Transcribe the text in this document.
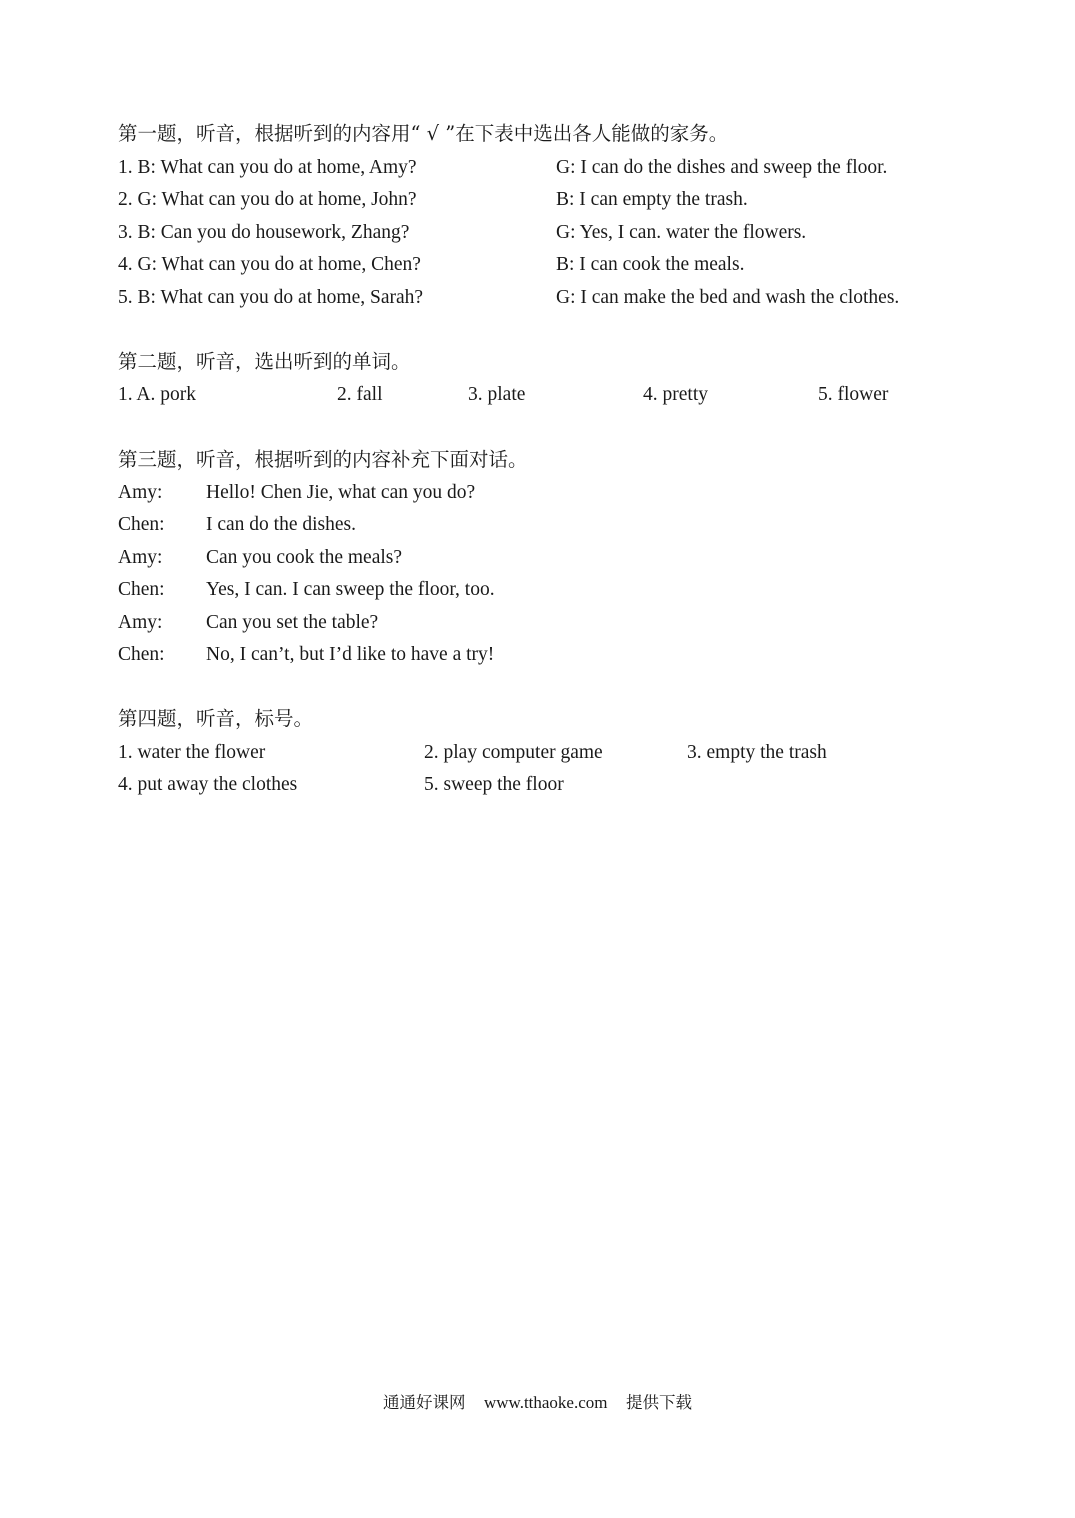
第一题，听音，根据听到的内容用“ √ ”在下表中选出各人能做的家务。
1. B: What can you do at home, Amy?	G: I can do the dishes and sweep the floor.
2. G: What can you do at home, John?	B: I can empty the trash.
3. B: Can you do housework, Zhang?	G: Yes, I can. water the flowers.
4. G: What can you do at home, Chen?	B: I can cook the meals.
5. B: What can you do at home, Sarah?	G: I can make the bed and wash the clothes.
第二题，听音，选出听到的单词。
1. A. pork	2. fall	3. plate	4. pretty	5. flower
第三题，听音，根据听到的内容补充下面对话。
Amy: Hello! Chen Jie, what can you do?
Chen: I can do the dishes.
Amy: Can you cook the meals?
Chen: Yes, I can. I can sweep the floor, too.
Amy: Can you set the table?
Chen: No, I can’t, but I’d like to have a try!
第四题，听音，标号。
1. water the flower	2. play computer game	3. empty the trash
4. put away the clothes	5. sweep the floor
通通好课网 www.tthaoke.com 提供下载
